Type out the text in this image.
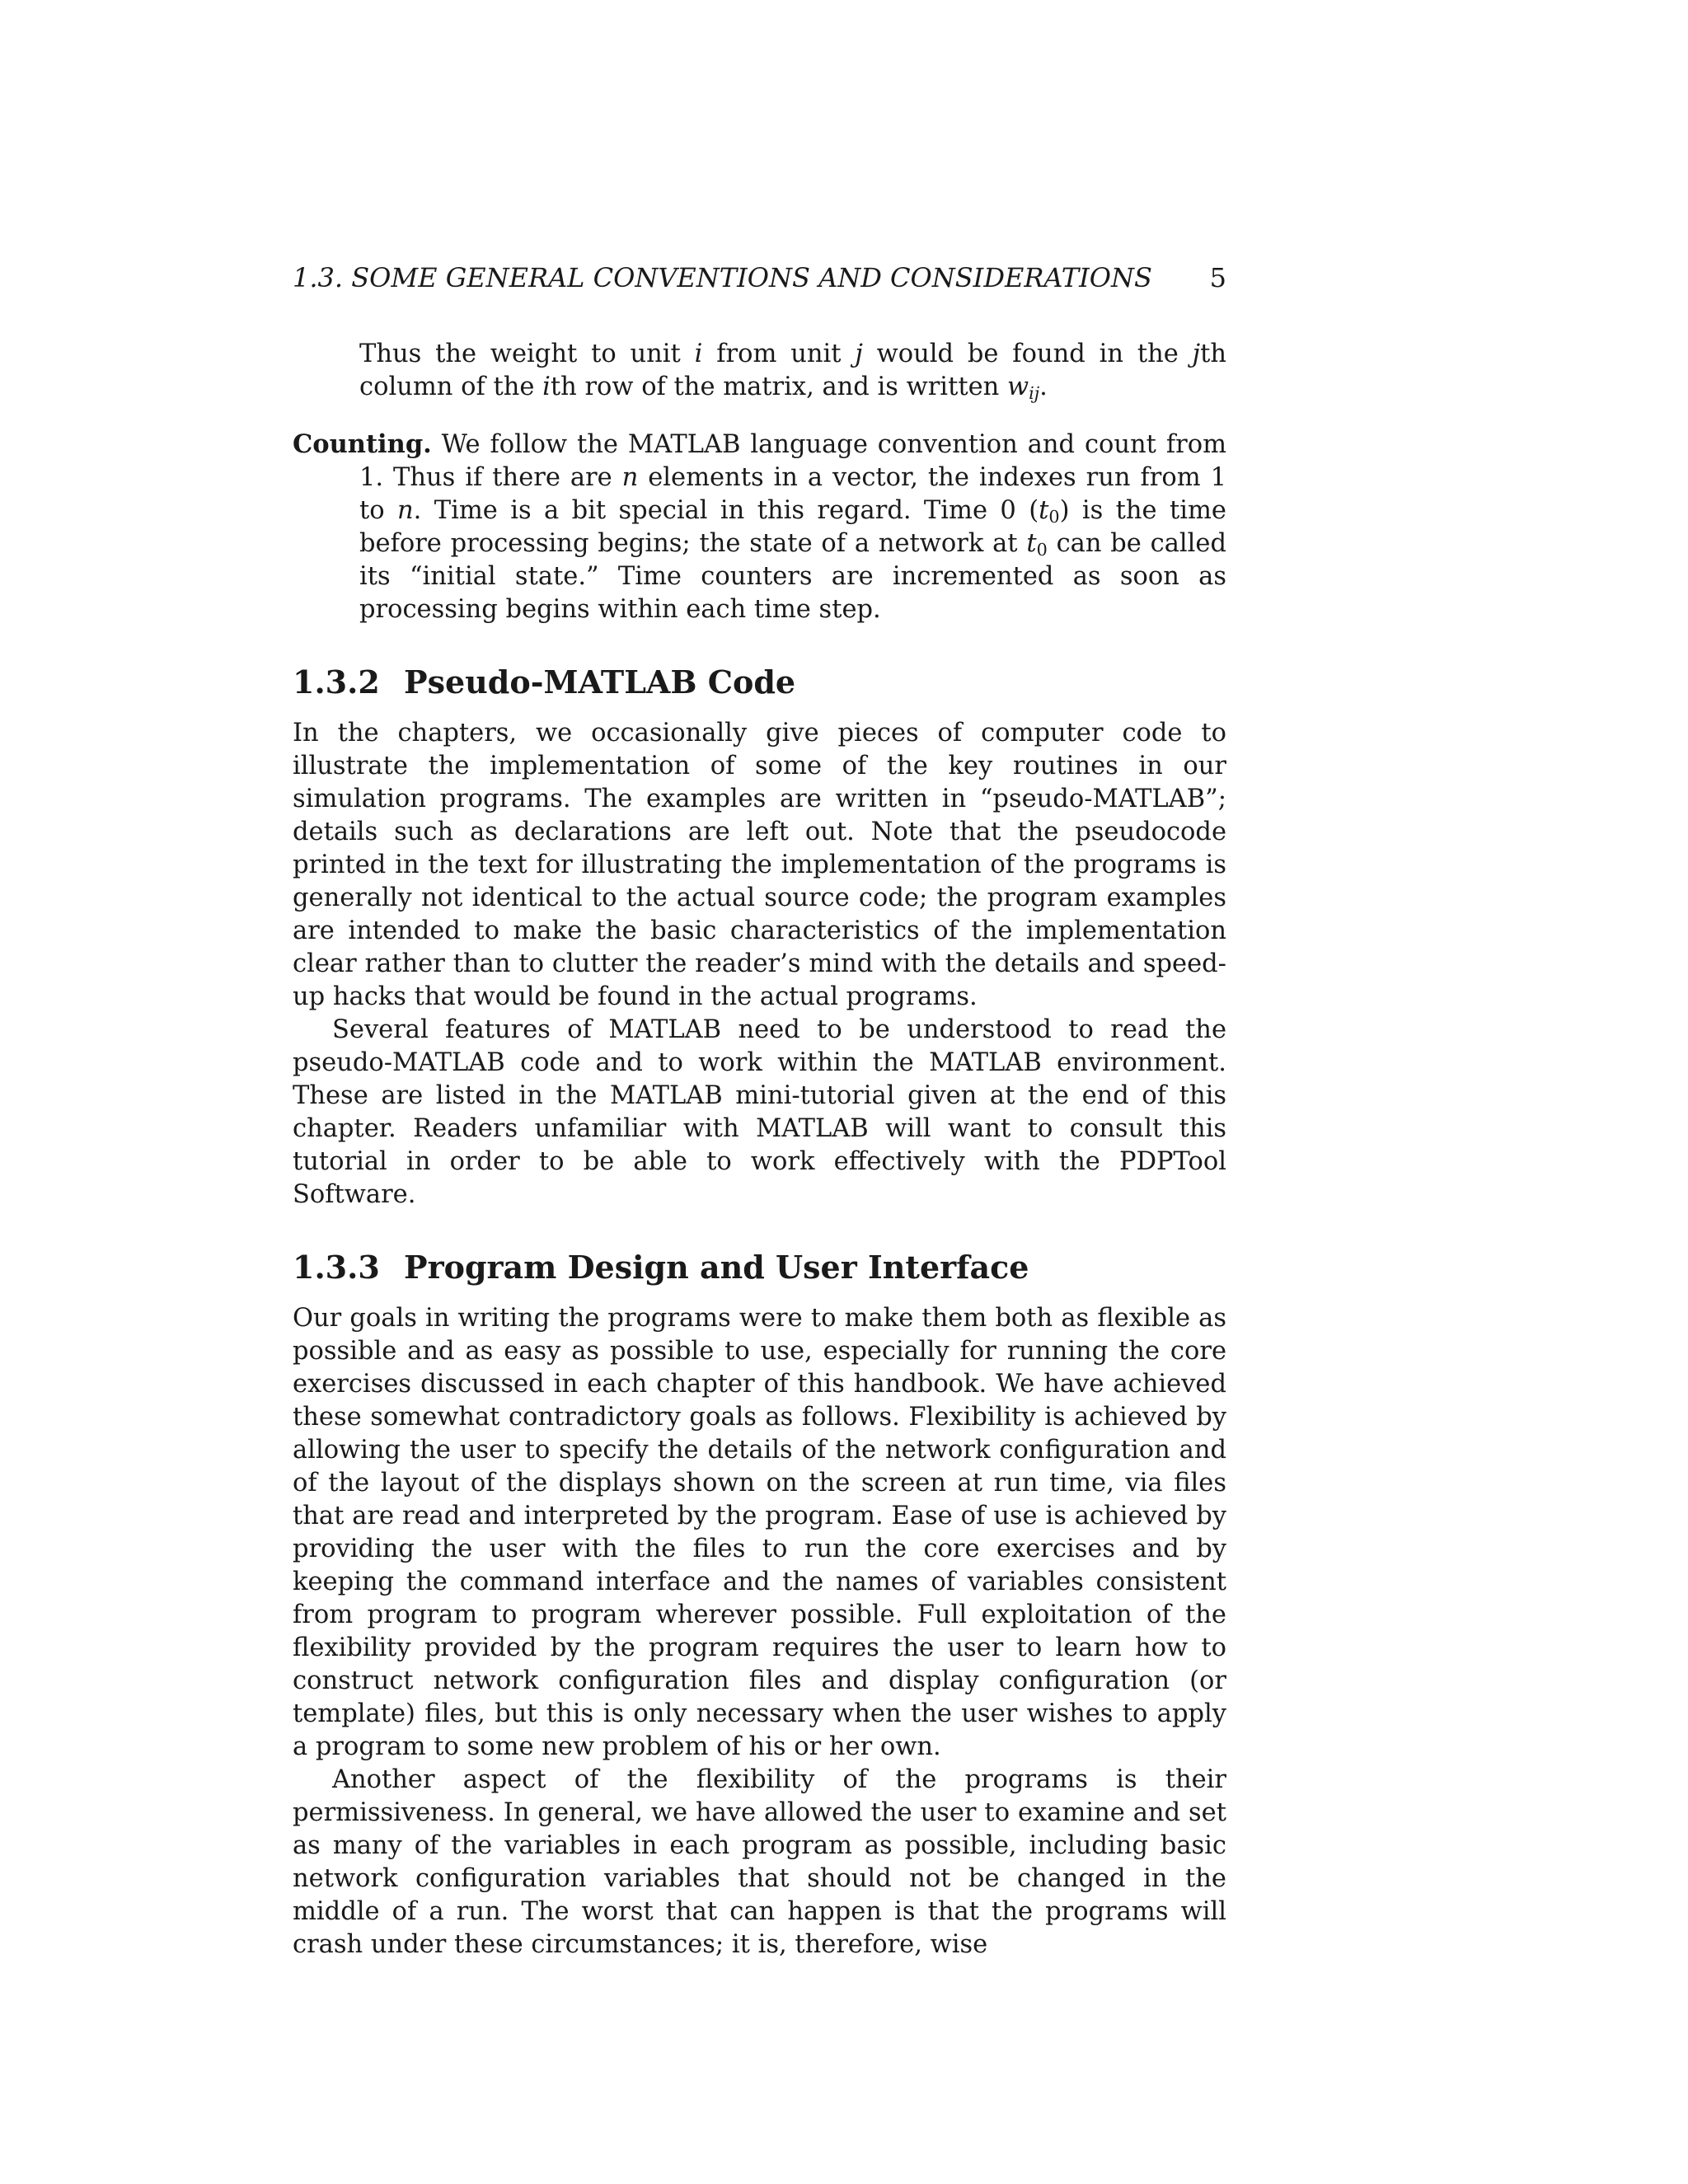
1.3. SOME GENERAL CONVENTIONS AND CONSIDERATIONS 5

Thus the weight to unit i from unit j would be found in the jth column of the ith row of the matrix, and is written $w_{ij}$.

Counting. We follow the MATLAB language convention and count from 1. Thus if there are n elements in a vector, the indexes run from 1 to n. Time is a bit special in this regard. Time 0 $(t_0)$ is the time before processing begins; the state of a network at $t_0$ can be called its “initial state.” Time counters are incremented as soon as processing begins within each time step.

1.3.2 Pseudo-MATLAB Code

In the chapters, we occasionally give pieces of computer code to illustrate the implementation of some of the key routines in our simulation programs. The examples are written in “pseudo-MATLAB”; details such as declarations are left out. Note that the pseudocode printed in the text for illustrating the implementation of the programs is generally not identical to the actual source code; the program examples are intended to make the basic characteristics of the implementation clear rather than to clutter the reader’s mind with the details and speed-up hacks that would be found in the actual programs.

Several features of MATLAB need to be understood to read the pseudo-MATLAB code and to work within the MATLAB environment. These are listed in the MATLAB mini-tutorial given at the end of this chapter. Readers unfamiliar with MATLAB will want to consult this tutorial in order to be able to work effectively with the PDPTool Software.

1.3.3 Program Design and User Interface

Our goals in writing the programs were to make them both as flexible as possible and as easy as possible to use, especially for running the core exercises discussed in each chapter of this handbook. We have achieved these somewhat contradictory goals as follows. Flexibility is achieved by allowing the user to specify the details of the network configuration and of the layout of the displays shown on the screen at run time, via files that are read and interpreted by the program. Ease of use is achieved by providing the user with the files to run the core exercises and by keeping the command interface and the names of variables consistent from program to program wherever possible. Full exploitation of the flexibility provided by the program requires the user to learn how to construct network configuration files and display configuration (or template) files, but this is only necessary when the user wishes to apply a program to some new problem of his or her own.

Another aspect of the flexibility of the programs is their permissiveness. In general, we have allowed the user to examine and set as many of the variables in each program as possible, including basic network configuration variables that should not be changed in the middle of a run. The worst that can happen is that the programs will crash under these circumstances; it is, therefore, wise
